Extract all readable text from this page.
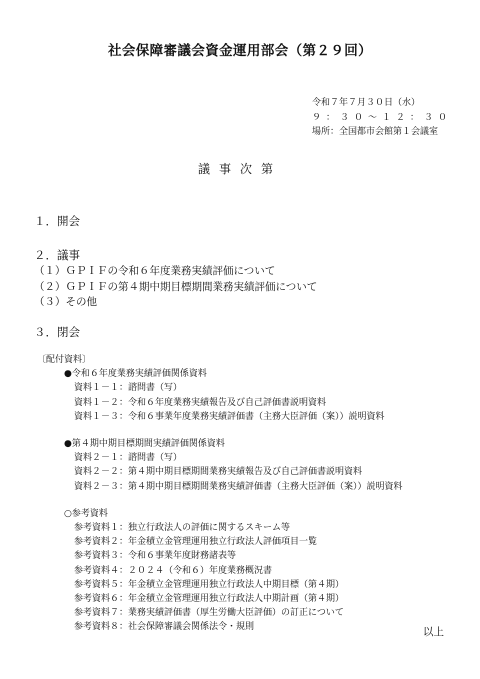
社会保障審議会資金運用部会（第２９回）
令和７年７月３０日（水）
９：３０～１２：３０
場所：全国都市会館第１会議室
議事次第
１．開会
２．議事
（１）ＧＰＩＦの令和６年度業務実績評価について
（２）ＧＰＩＦの第４期中期目標期間業務実績評価について
（３）その他
３．閉会
〔配付資料〕
●令和６年度業務実績評価関係資料
資料１－１：諮問書（写）
資料１－２：令和６年度業務実績報告及び自己評価書説明資料
資料１－３：令和６事業年度業務実績評価書（主務大臣評価（案））説明資料
●第４期中期目標期間実績評価関係資料
資料２－１：諮問書（写）
資料２－２：第４期中期目標期間業務実績報告及び自己評価書説明資料
資料２－３：第４期中期目標期間業務実績評価書（主務大臣評価（案））説明資料
○参考資料
参考資料１：独立行政法人の評価に関するスキーム等
参考資料２：年金積立金管理運用独立行政法人評価項目一覧
参考資料３：令和６事業年度財務諸表等
参考資料４：２０２４（令和６）年度業務概況書
参考資料５：年金積立金管理運用独立行政法人中期目標（第４期）
参考資料６：年金積立金管理運用独立行政法人中期計画（第４期）
参考資料７：業務実績評価書（厚生労働大臣評価）の訂正について
参考資料８：社会保障審議会関係法令・規則	以上
